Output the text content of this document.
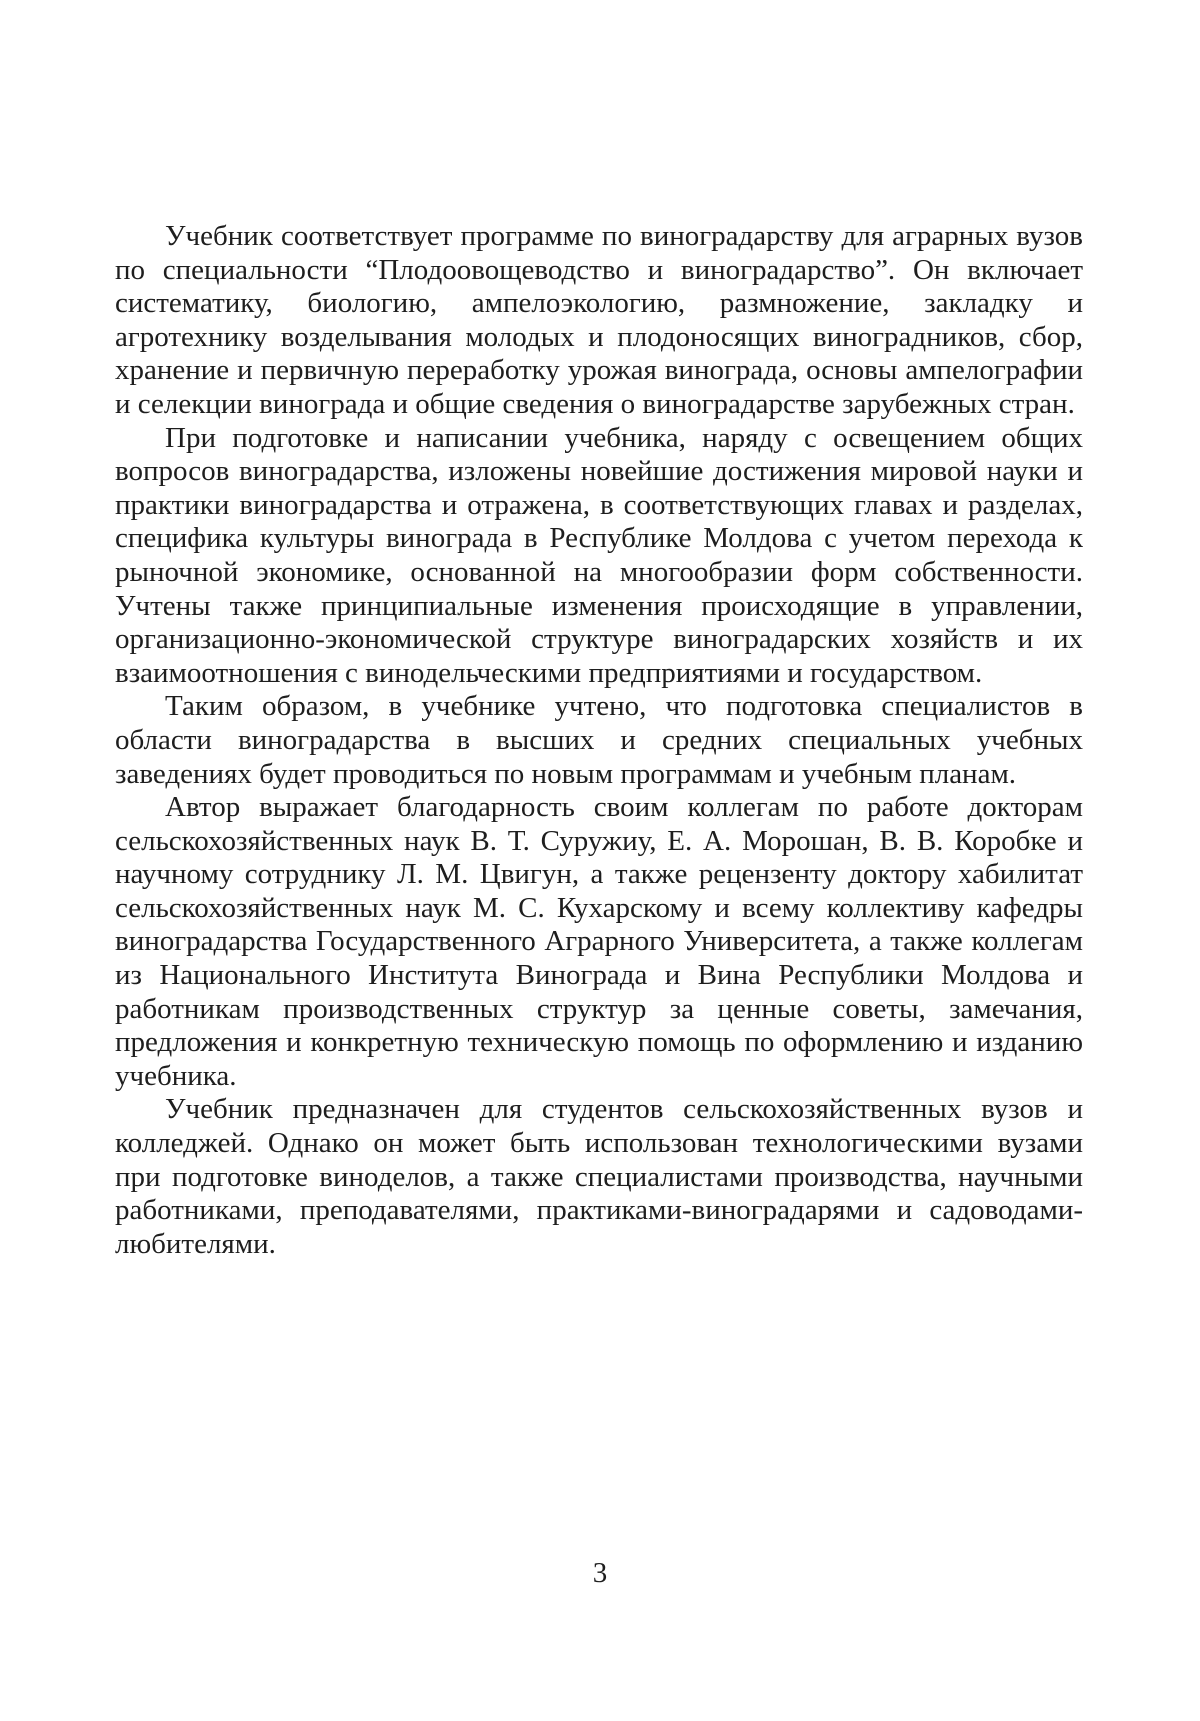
Учебник соответствует программе по виноградарству для аграрных вузов по специальности “Плодоовощеводство и виноградарство”. Он включает систематику, биологию, ампелоэкологию, размножение, закладку и агротехнику возделывания молодых и плодоносящих виноградников, сбор, хранение и первичную переработку урожая винограда, основы ампелографии и селекции винограда и общие сведения о виноградарстве зарубежных стран.

При подготовке и написании учебника, наряду с освещением общих вопросов виноградарства, изложены новейшие достижения мировой науки и практики виноградарства и отражена, в соответствующих главах и разделах, специфика культуры винограда в Республике Молдова с учетом перехода к рыночной экономике, основанной на многообразии форм собственности. Учтены также принципиальные изменения происходящие в управлении, организационно-экономической структуре виноградарских хозяйств и их взаимоотношения с винодельческими предприятиями и государством.

Таким образом, в учебнике учтено, что подготовка специалистов в области виноградарства в высших и средних специальных учебных заведениях будет проводиться по новым программам и учебным планам.

Автор выражает благодарность своим коллегам по работе докторам сельскохозяйственных наук В. Т. Суружиу, Е. А. Морошан, В. В. Коробке и научному сотруднику Л. М. Цвигун, а также рецензенту доктору хабилитат сельскохозяйственных наук М. С. Кухарскому и всему коллективу кафедры виноградарства Государственного Аграрного Университета, а также коллегам из Национального Института Винограда и Вина Республики Молдова и работникам производственных структур за ценные советы, замечания, предложения и конкретную техническую помощь по оформлению и изданию учебника.

Учебник предназначен для студентов сельскохозяйственных вузов и колледжей. Однако он может быть использован технологическими вузами при подготовке виноделов, а также специалистами производства, научными работниками, преподавателями, практиками-виноградарями и садоводами-любителями.

3
